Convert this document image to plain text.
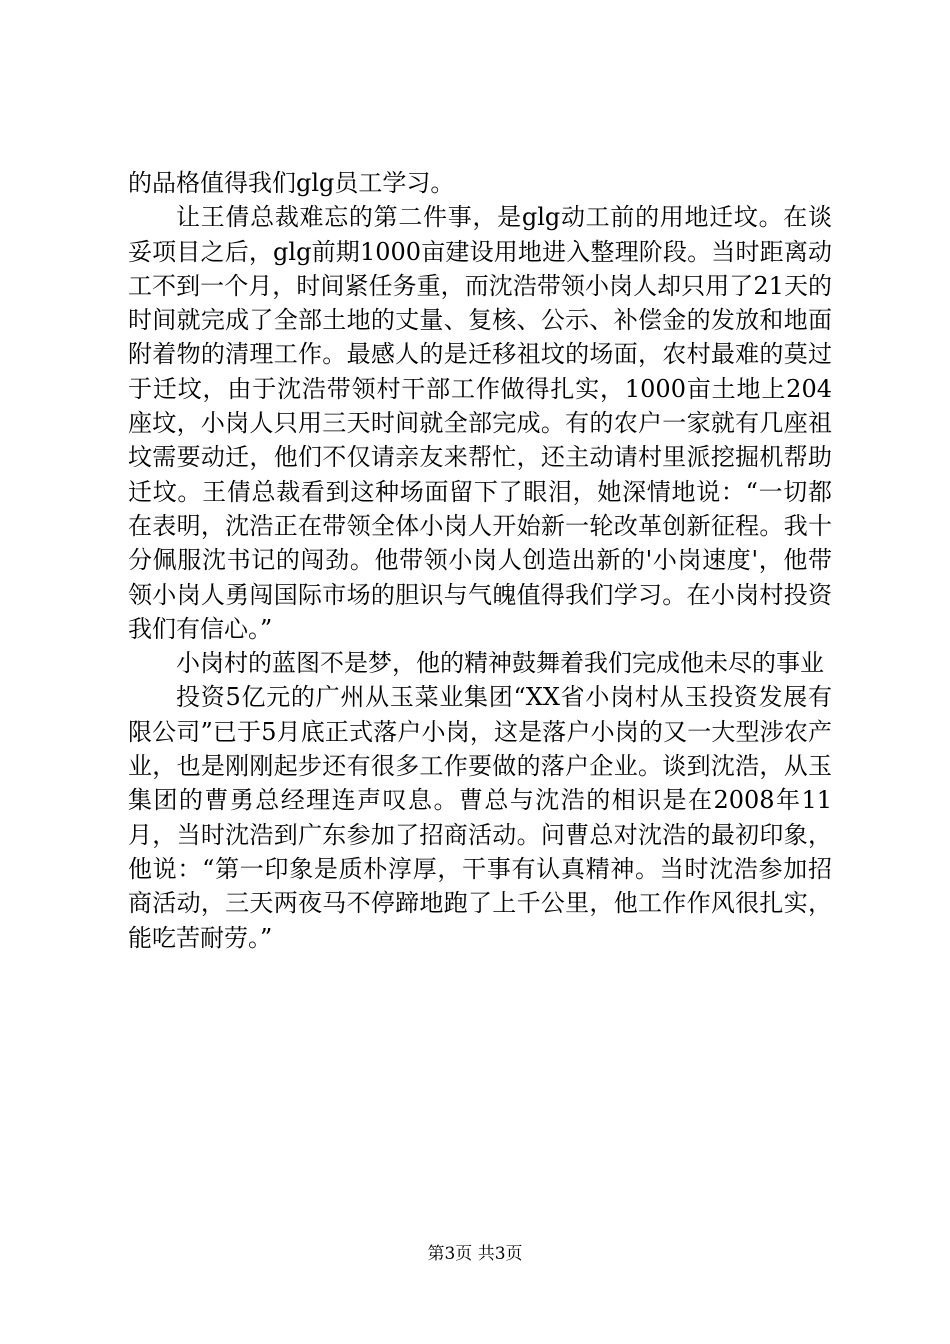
的品格值得我们glg员工学习。

让王倩总裁难忘的第二件事，是glg动工前的用地迁坟。在谈妥项目之后，glg前期1000亩建设用地进入整理阶段。当时距离动工不到一个月，时间紧任务重，而沈浩带领小岗人却只用了21天的时间就完成了全部土地的丈量、复核、公示、补偿金的发放和地面附着物的清理工作。最感人的是迁移祖坟的场面，农村最难的莫过于迁坟，由于沈浩带领村干部工作做得扎实，1000亩土地上204座坟，小岗人只用三天时间就全部完成。有的农户一家就有几座祖坟需要动迁，他们不仅请亲友来帮忙，还主动请村里派挖掘机帮助迁坟。王倩总裁看到这种场面留下了眼泪，她深情地说：“一切都在表明，沈浩正在带领全体小岗人开始新一轮改革创新征程。我十分佩服沈书记的闯劲。他带领小岗人创造出新的'小岗速度'，他带领小岗人勇闯国际市场的胆识与气魄值得我们学习。在小岗村投资我们有信心。”

小岗村的蓝图不是梦，他的精神鼓舞着我们完成他未尽的事业

投资5亿元的广州从玉菜业集团“XX省小岗村从玉投资发展有限公司”已于5月底正式落户小岗，这是落户小岗的又一大型涉农产业，也是刚刚起步还有很多工作要做的落户企业。谈到沈浩，从玉集团的曹勇总经理连声叹息。曹总与沈浩的相识是在2008年11月，当时沈浩到广东参加了招商活动。问曹总对沈浩的最初印象，他说：“第一印象是质朴淳厚，干事有认真精神。当时沈浩参加招商活动，三天两夜马不停蹄地跑了上千公里，他工作作风很扎实，能吃苦耐劳。”

第3页 共3页
